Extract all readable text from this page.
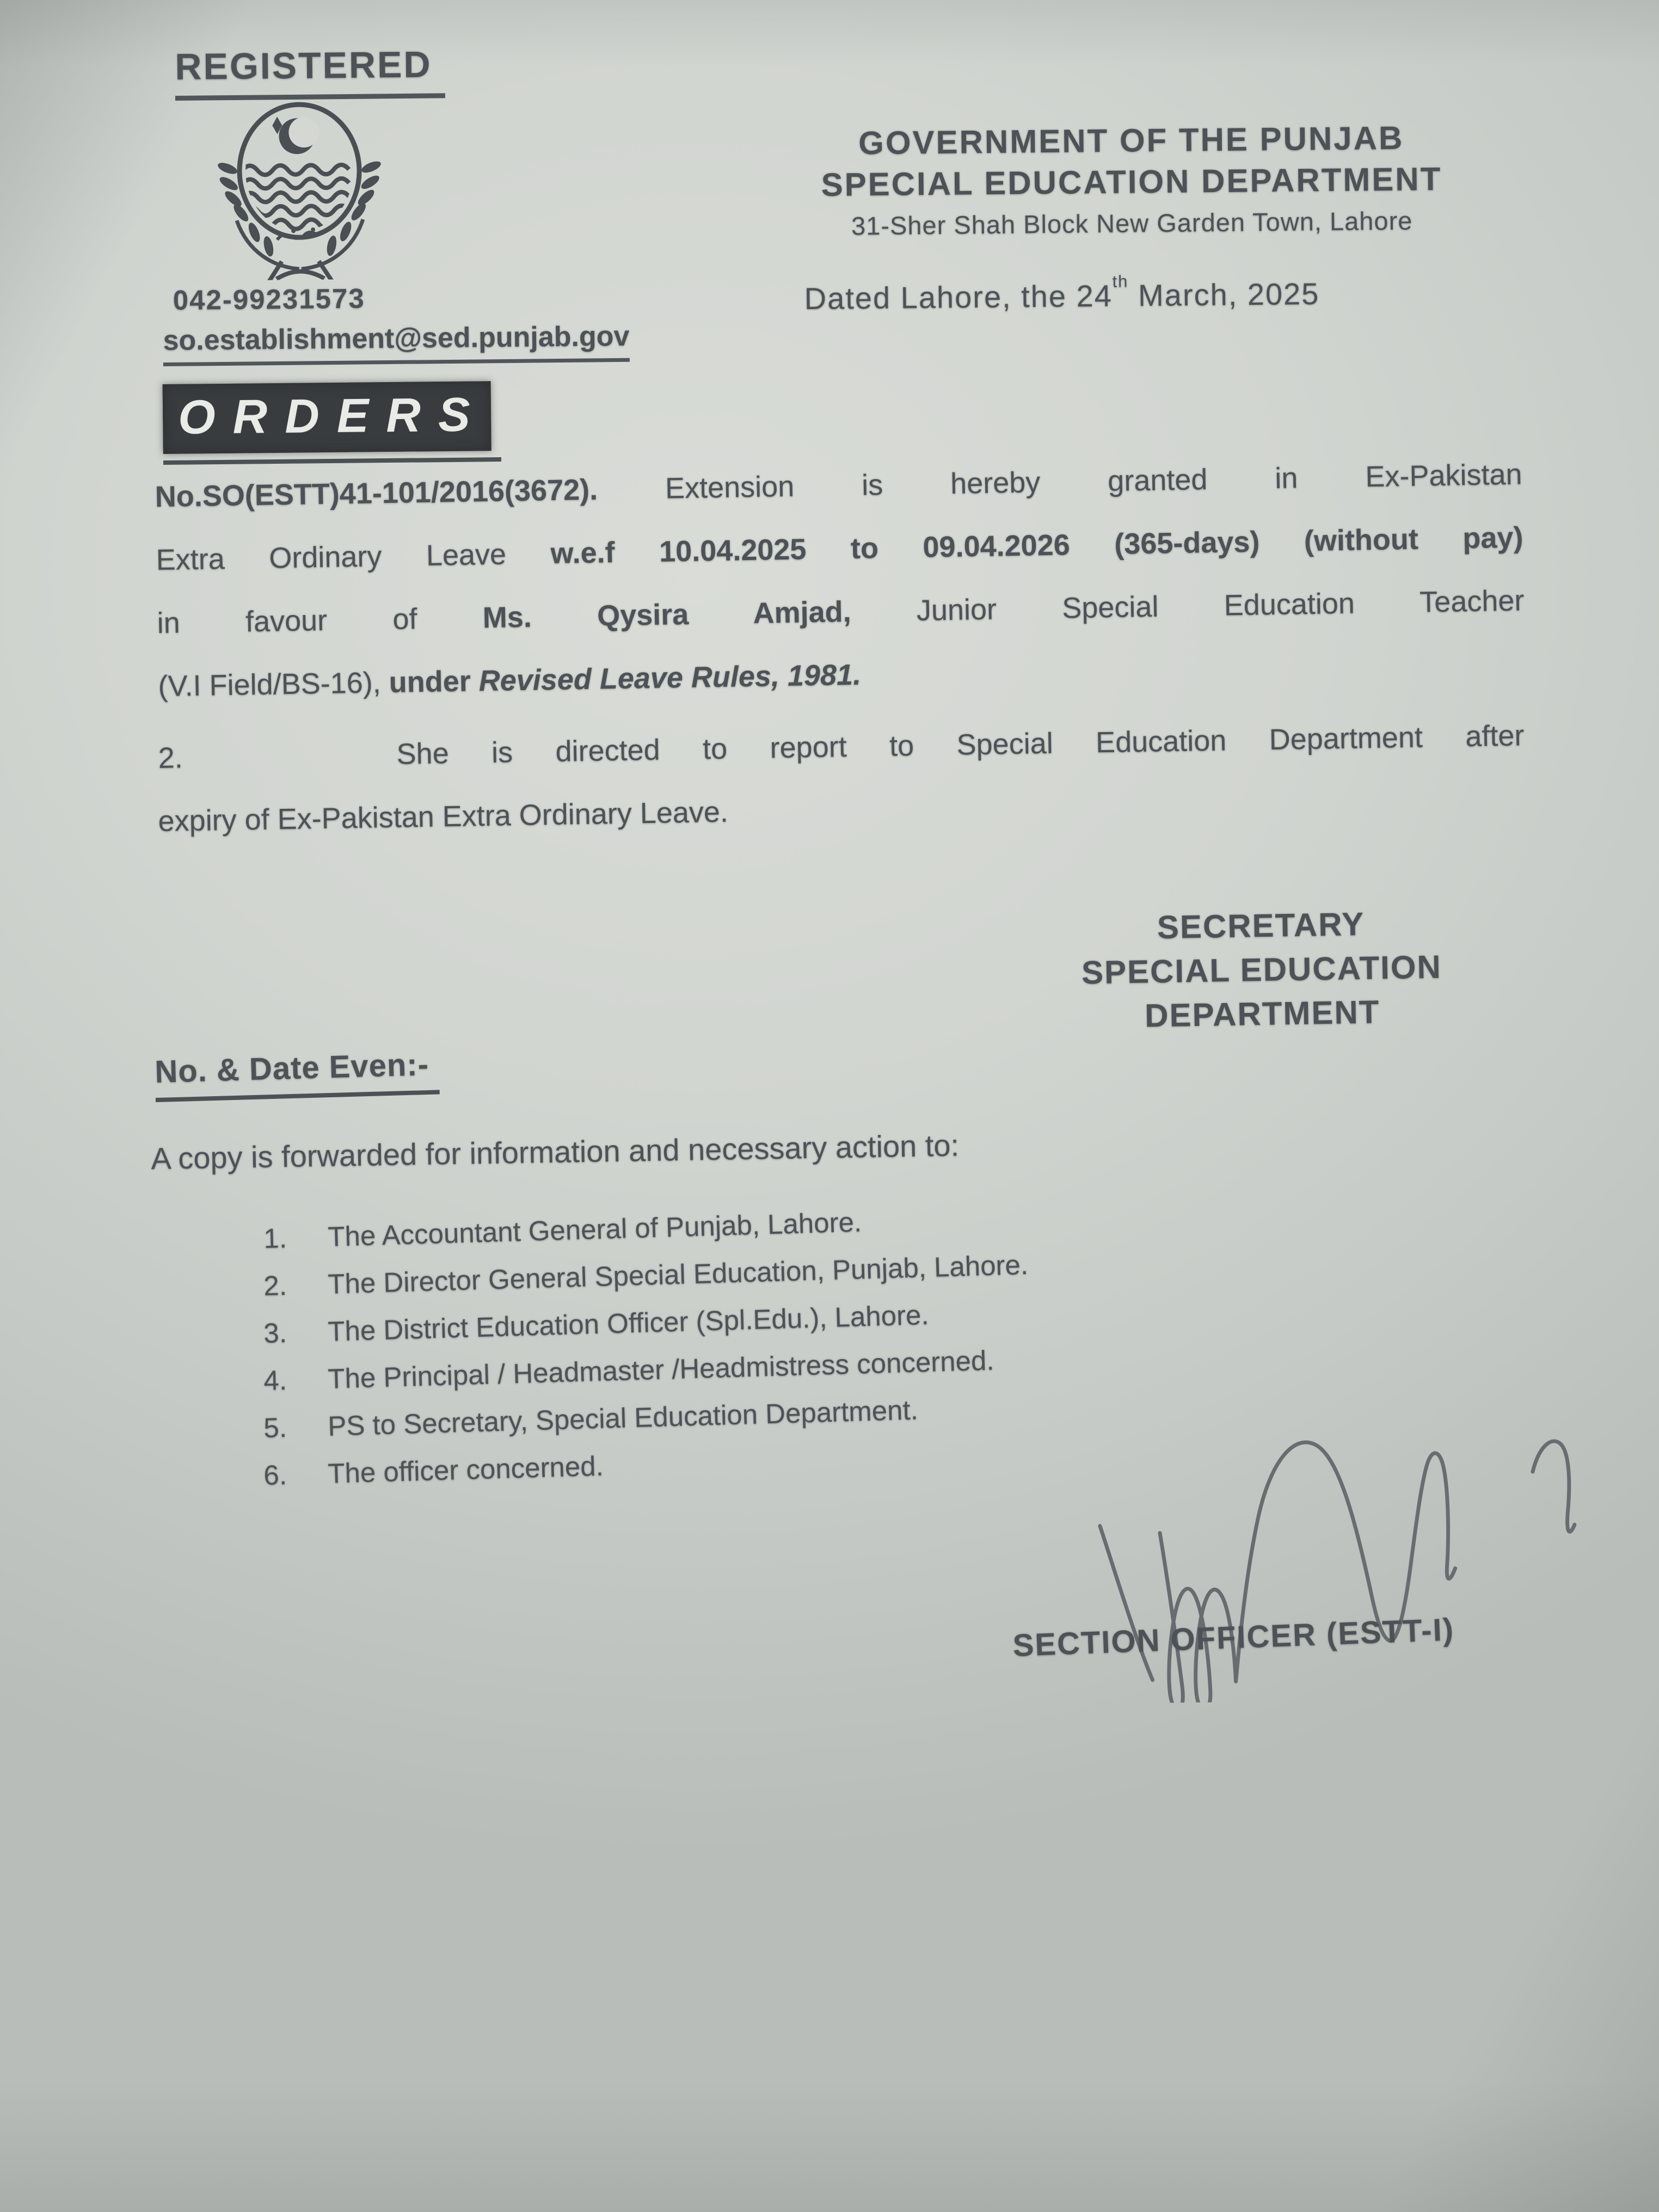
REGISTERED
042-99231573
so.establishment@sed.punjab.gov
GOVERNMENT OF THE PUNJAB
SPECIAL EDUCATION DEPARTMENT
31-Sher Shah Block New Garden Town, Lahore
Dated Lahore, the 24th March, 2025
ORDERS
No.SO(ESTT)41-101/2016(3672). Extension is hereby granted in Ex-Pakistan
Extra Ordinary Leave w.e.f 10.04.2025 to 09.04.2026 (365-days) (without pay)
in favour of Ms. Qysira Amjad, Junior Special Education Teacher
(V.I Field/BS-16), under Revised Leave Rules, 1981.
2.	She is directed to report to Special Education Department after
expiry of Ex-Pakistan Extra Ordinary Leave.
SECRETARY
SPECIAL EDUCATION
DEPARTMENT
No. & Date Even:-
A copy is forwarded for information and necessary action to:
1.	The Accountant General of Punjab, Lahore.
2.	The Director General Special Education, Punjab, Lahore.
3.	The District Education Officer (Spl.Edu.), Lahore.
4.	The Principal / Headmaster /Headmistress concerned.
5.	PS to Secretary, Special Education Department.
6.	The officer concerned.
SECTION OFFICER (ESTT-I)
